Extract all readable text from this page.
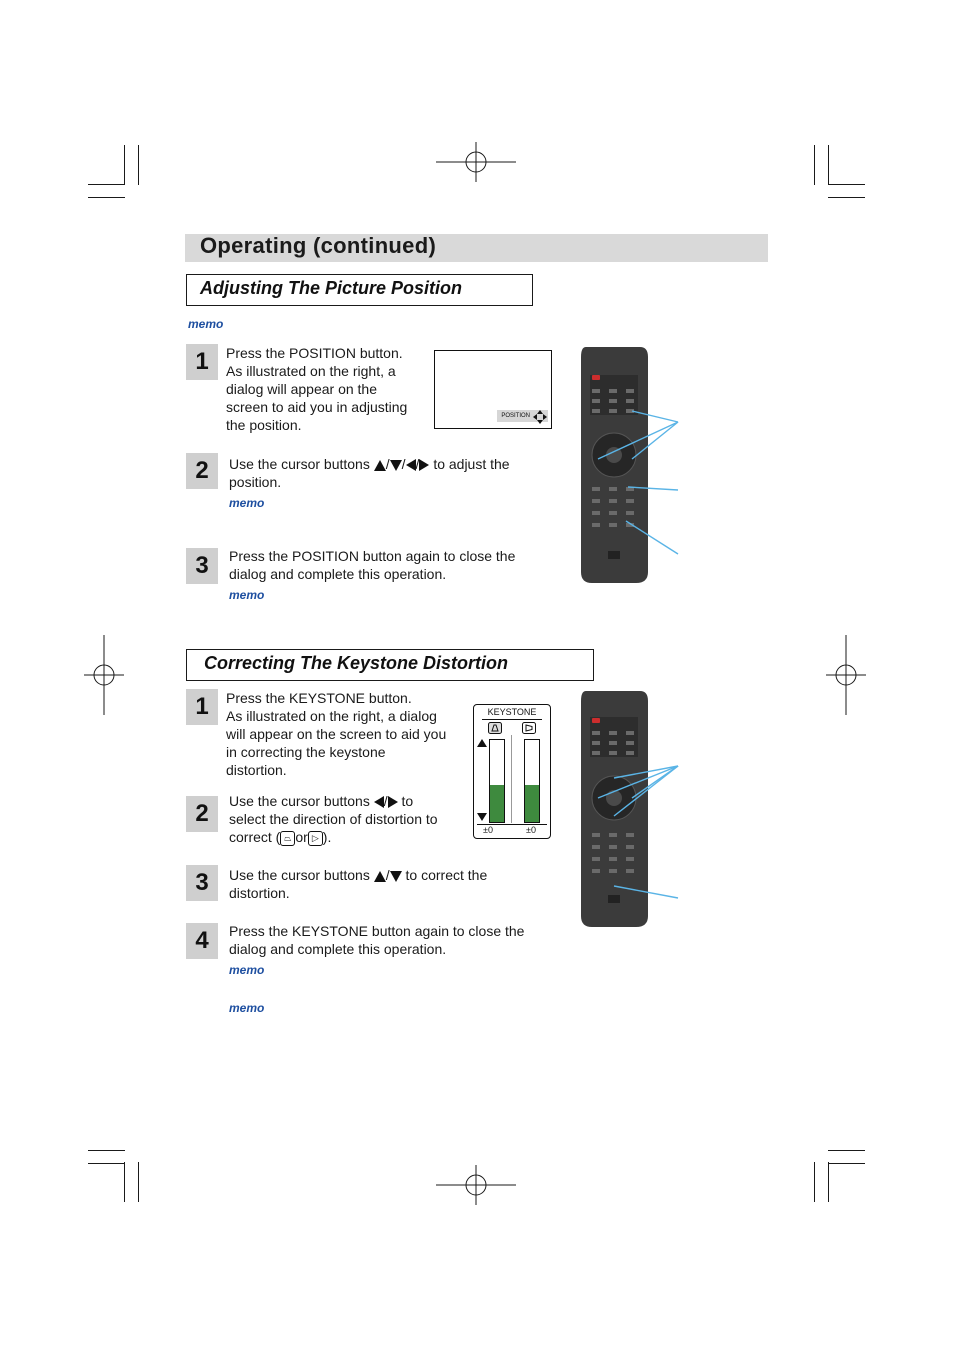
Operating (continued)
Adjusting The Picture Position
memo
1	Press the POSITION button.

As illustrated on the right, a

dialog will appear on the

screen to aid you in adjusting

the position.

POSITION
2	Use the cursor buttons / / / to adjust the

position.

memo
3	Press the POSITION button again to close the

dialog and complete this operation.

memo
Correcting The Keystone Distortion
1	Press the KEYSTONE button.

As illustrated on the right, a dialog

will appear on the screen to aid you

in correcting the keystone

distortion.

KEYSTONE
±0	±0
2	Use the cursor buttons / to

select the direction of distortion to

correct ( ⏢ or ▷ ).

3	Use the cursor buttons / to correct the

distortion.

4	Press the KEYSTONE button again to close the

dialog and complete this operation.

memo
memo
